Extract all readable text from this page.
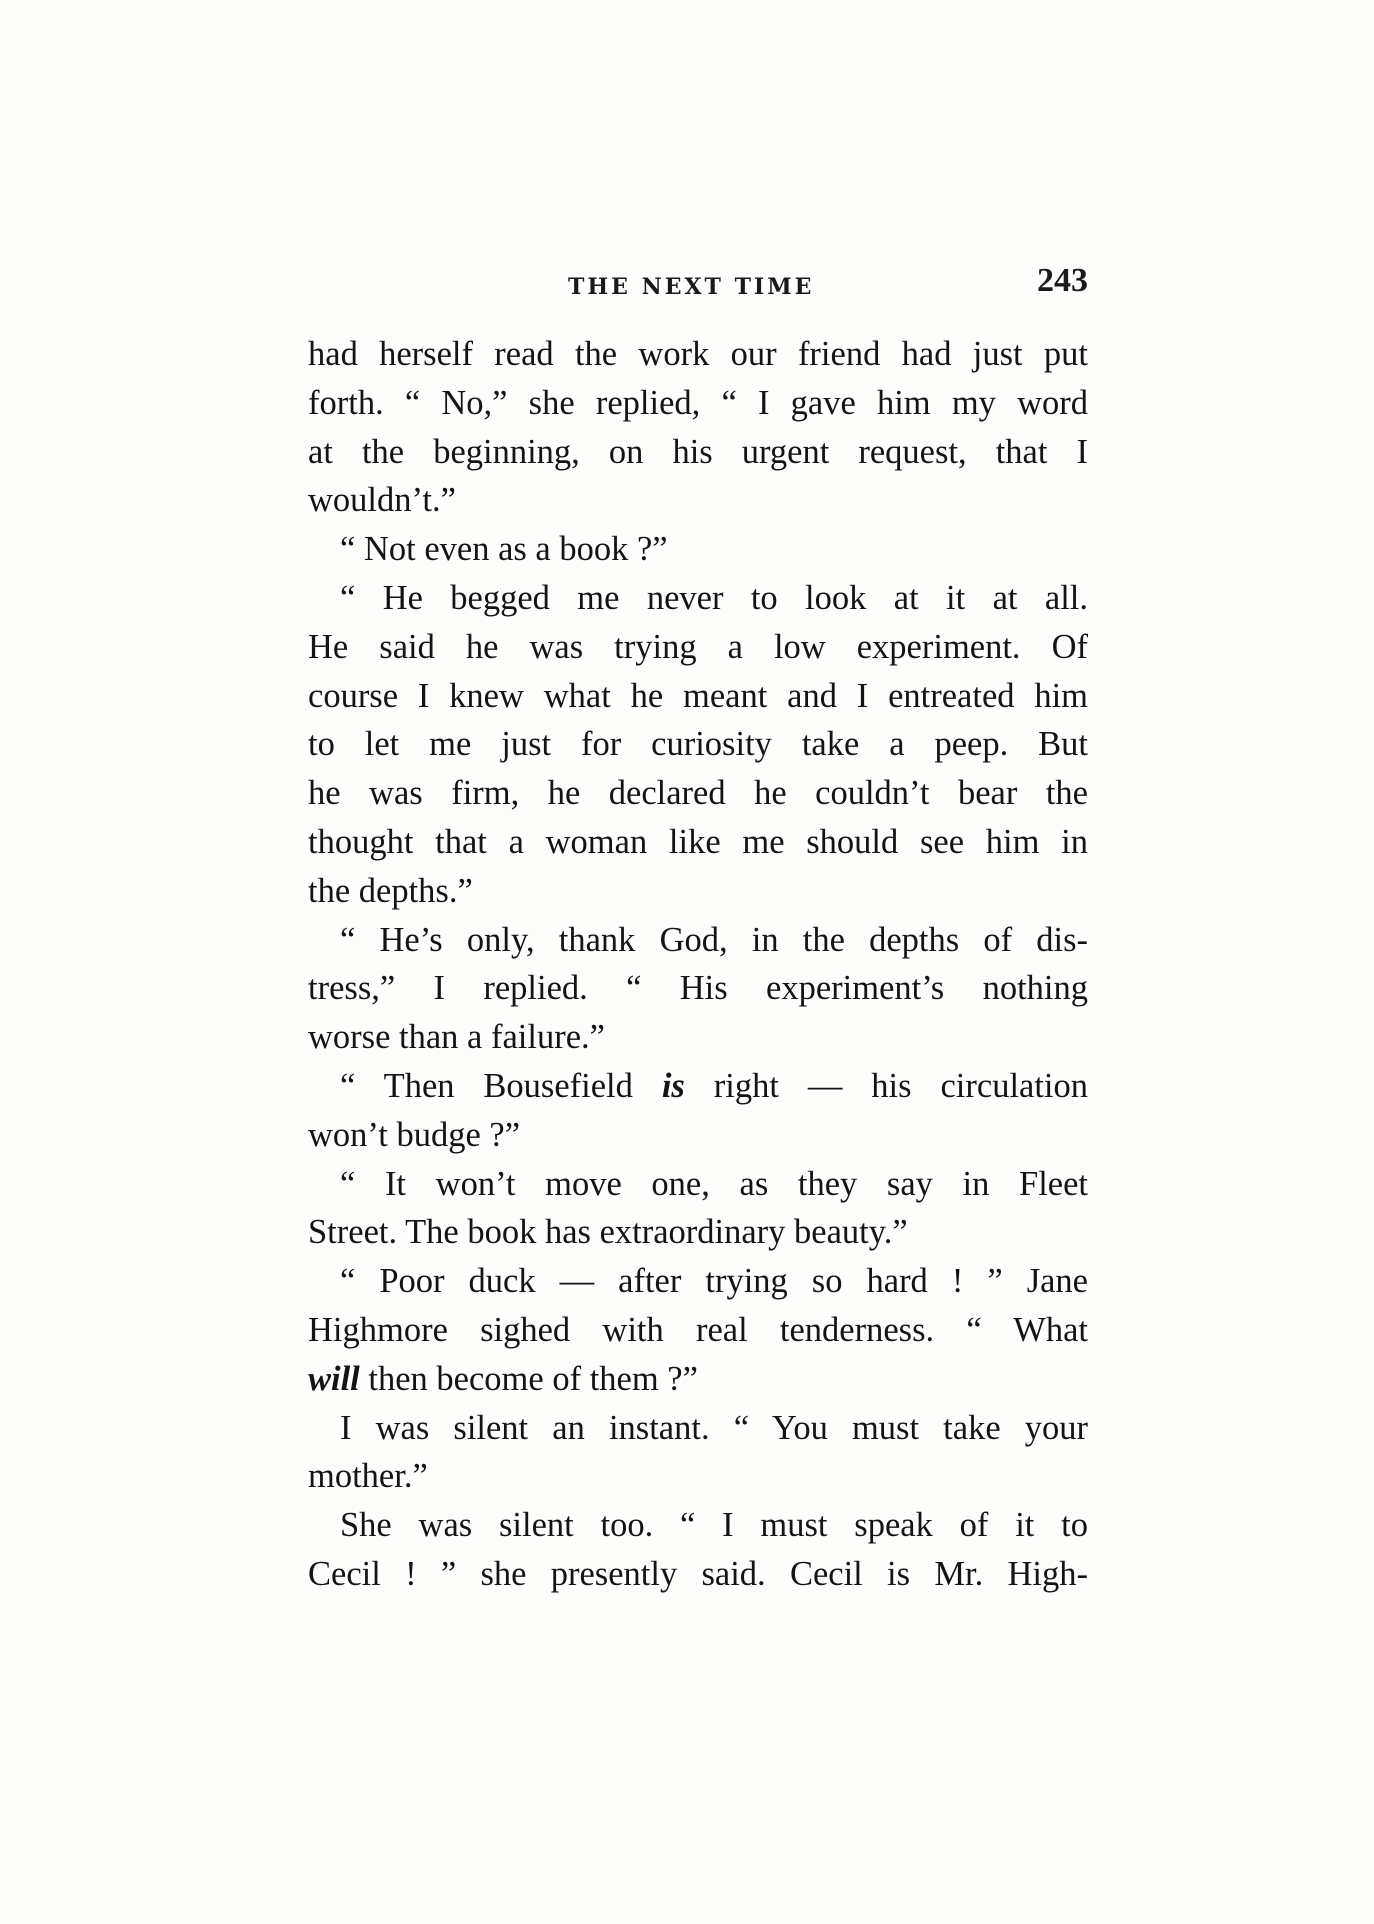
THE NEXT TIME	243
had herself read the work our friend had just put
forth. “ No,” she replied, “ I gave him my word
at the beginning, on his urgent request, that I
wouldn’t.”
“ Not even as a book ?”
“ He begged me never to look at it at all.
He said he was trying a low experiment. Of
course I knew what he meant and I entreated him
to let me just for curiosity take a peep. But
he was firm, he declared he couldn’t bear the
thought that a woman like me should see him in
the depths.”
“ He’s only, thank God, in the depths of dis-
tress,” I replied. “ His experiment’s nothing
worse than a failure.”
“ Then Bousefield is right — his circulation
won’t budge ?”
“ It won’t move one, as they say in Fleet
Street. The book has extraordinary beauty.”
“ Poor duck — after trying so hard ! ” Jane
Highmore sighed with real tenderness. “ What
will then become of them ?”
I was silent an instant. “ You must take your
mother.”
She was silent too. “ I must speak of it to
Cecil ! ” she presently said. Cecil is Mr. High-
